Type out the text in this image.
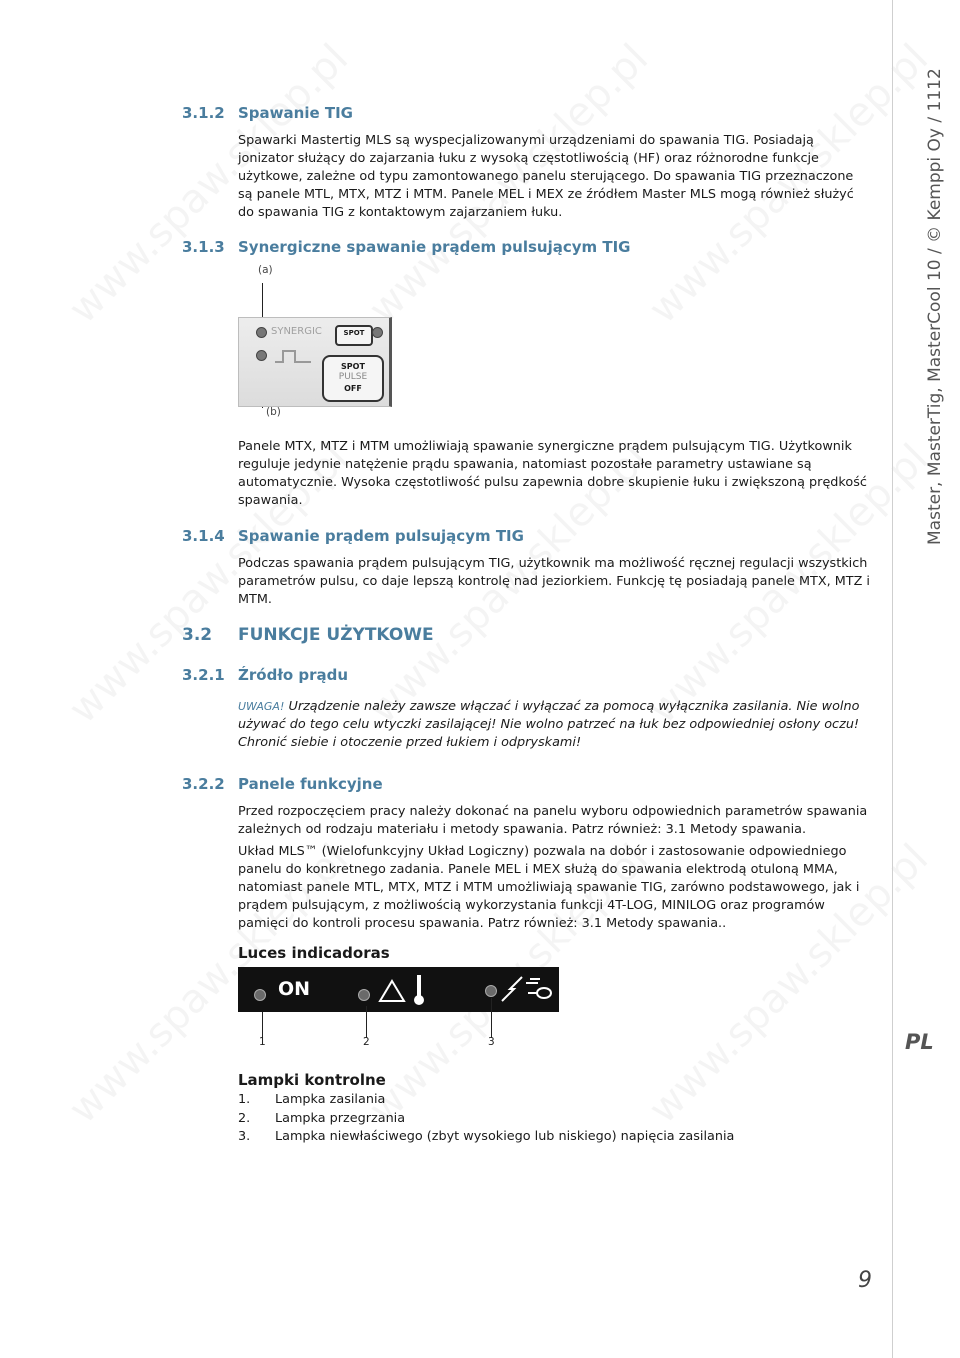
3.1.2 Spawanie TIG
Spawarki Mastertig MLS są wyspecjalizowanymi urządzeniami do spawania TIG. Posiadają jonizator służący do zajarzania łuku z wysoką częstotliwością (HF) oraz różnorodne funkcje użytkowe, zależne od typu zamontowanego panelu sterującego. Do spawania TIG przeznaczone są panele MTL, MTX, MTZ i MTM. Panele MEL i MEX ze źródłem Master MLS mogą również służyć do spawania TIG z kontaktowym zajarzaniem łuku.
3.1.3 Synergiczne spawanie prądem pulsującym TIG
(a)
SYNERGIC	SPOT
SPOT
PULSE
OFF
(b)
Panele MTX, MTZ i MTM umożliwiają spawanie synergiczne prądem pulsującym TIG. Użytkownik reguluje jedynie natężenie prądu spawania, natomiast pozostałe parametry ustawiane są automatycznie. Wysoka częstotliwość pulsu zapewnia dobre skupienie łuku i zwiększoną prędkość spawania.
3.1.4 Spawanie prądem pulsującym TIG
Podczas spawania prądem pulsującym TIG, użytkownik ma możliwość ręcznej regulacji wszystkich parametrów pulsu, co daje lepszą kontrolę nad jeziorkiem. Funkcję tę posiadają panele MTX, MTZ i MTM.
3.2 FUNKCJE UŻYTKOWE
3.2.1 Źródło prądu
UWAGA! Urządzenie należy zawsze włączać i wyłączać za pomocą wyłącznika zasilania. Nie wolno używać do tego celu wtyczki zasilającej! Nie wolno patrzeć na łuk bez odpowiedniej osłony oczu! Chronić siebie i otoczenie przed łukiem i odpryskami!
3.2.2 Panele funkcyjne
Przed rozpoczęciem pracy należy dokonać na panelu wyboru odpowiednich parametrów spawania zależnych od rodzaju materiału i metody spawania. Patrz również: 3.1 Metody spawania.
Układ MLS™ (Wielofunkcyjny Układ Logiczny) pozwala na dobór i zastosowanie odpowiedniego panelu do konkretnego zadania. Panele MEL i MEX służą do spawania elektrodą otuloną MMA, natomiast panele MTL, MTX, MTZ i MTM umożliwiają spawanie TIG, zarówno podstawowego, jak i prądem pulsującym, z możliwością wykorzystania funkcji 4T-LOG, MINILOG oraz programów pamięci do kontroli procesu spawania. Patrz również: 3.1 Metody spawania..
Luces indicadoras
ON
1	2	3
Lampki kontrolne
1. Lampka zasilania
2. Lampka przegrzania
3. Lampka niewłaściwego (zbyt wysokiego lub niskiego) napięcia zasilania
Master, MasterTig, MasterCool 10 / © Kemppi Oy / 1112
PL
9
